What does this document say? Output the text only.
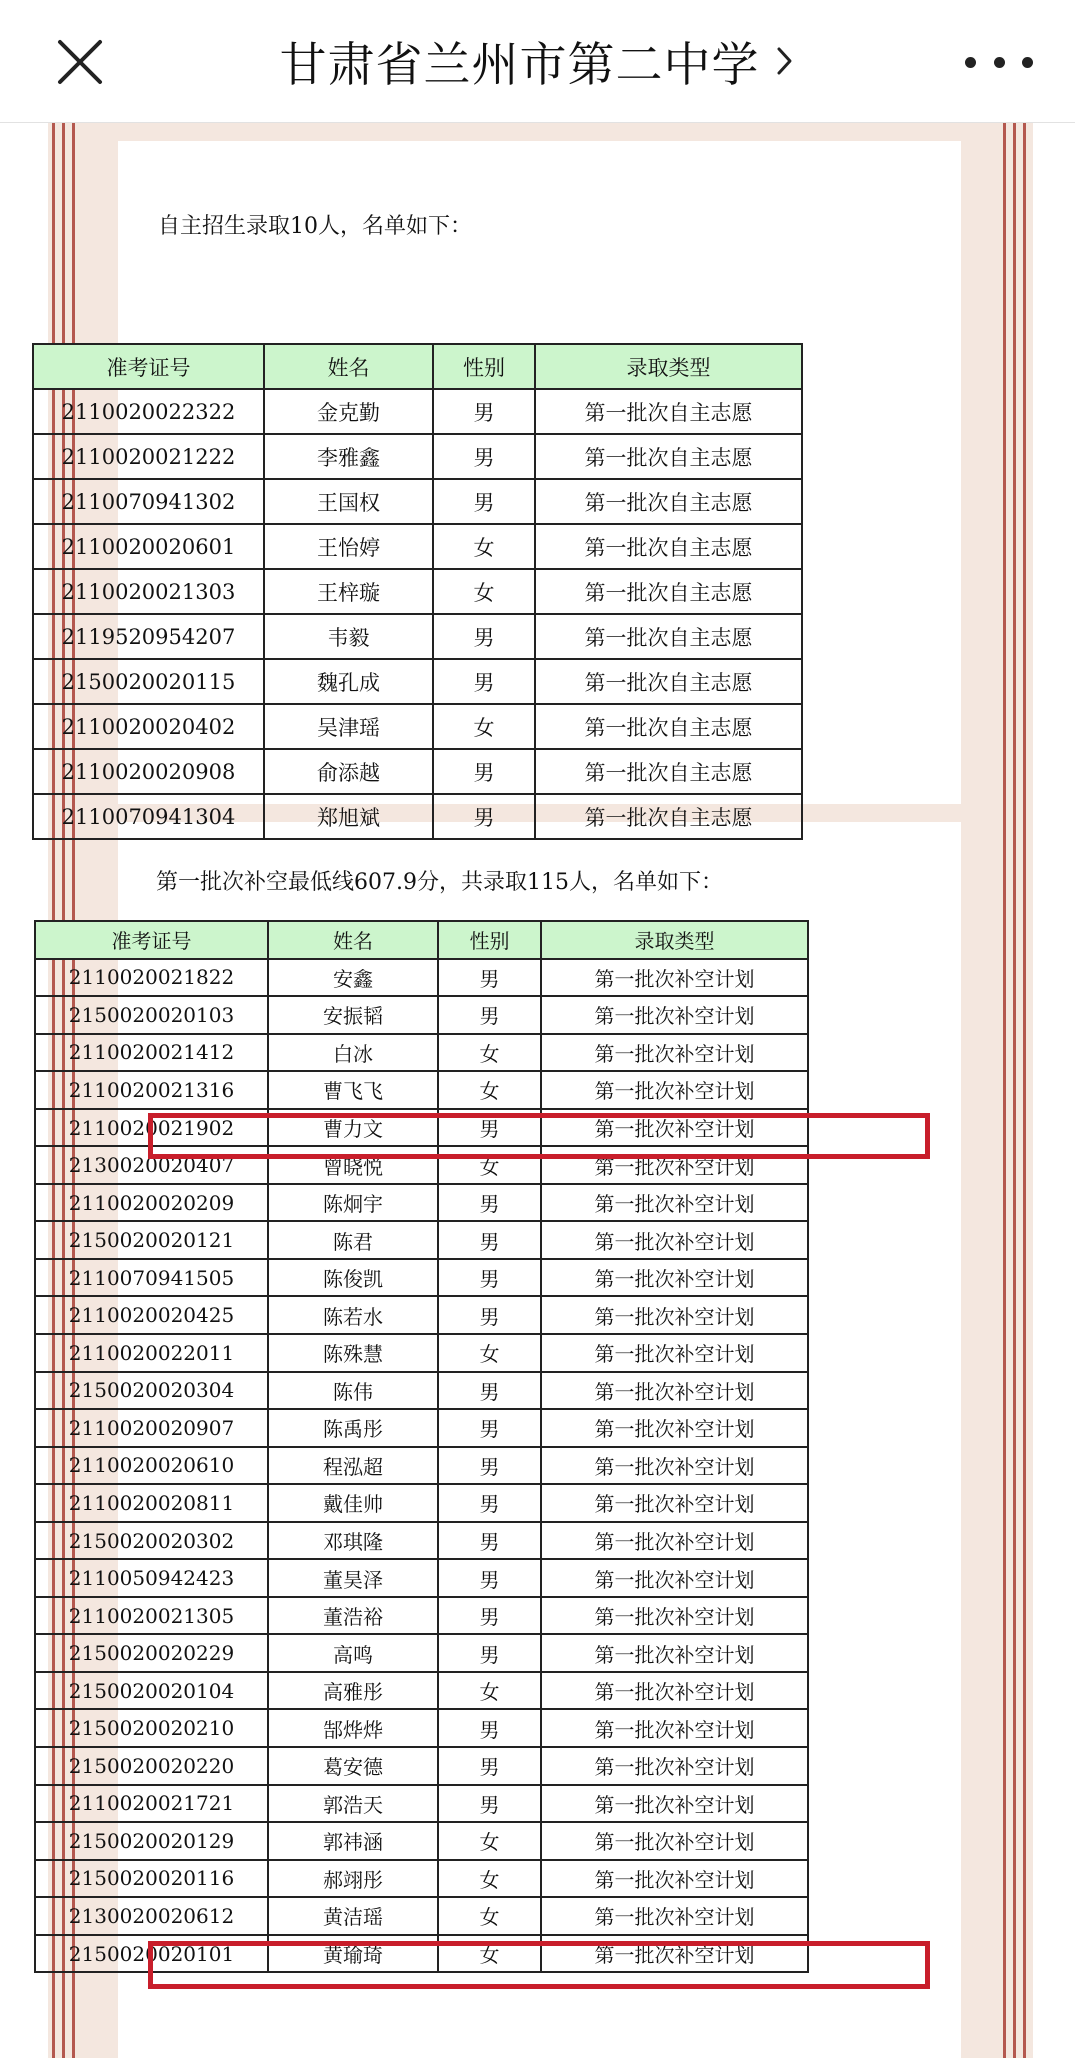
甘肃省兰州市第二中学
自主招生录取10人，名单如下：
第一批次补空最低线607.9分，共录取115人，名单如下：
准考证号	姓名	性别	录取类型
2110020022322	金克勤	男	第一批次自主志愿
2110020021222	李雅鑫	男	第一批次自主志愿
2110070941302	王国权	男	第一批次自主志愿
2110020020601	王怡婷	女	第一批次自主志愿
2110020021303	王梓璇	女	第一批次自主志愿
2119520954207	韦毅	男	第一批次自主志愿
2150020020115	魏孔成	男	第一批次自主志愿
2110020020402	吴津瑶	女	第一批次自主志愿
2110020020908	俞添越	男	第一批次自主志愿
2110070941304	郑旭斌	男	第一批次自主志愿
准考证号	姓名	性别	录取类型
2110020021822	安鑫	男	第一批次补空计划
2150020020103	安振韬	男	第一批次补空计划
2110020021412	白冰	女	第一批次补空计划
2110020021316	曹飞飞	女	第一批次补空计划
2110020021902	曹力文	男	第一批次补空计划
2130020020407	曾晓悦	女	第一批次补空计划
2110020020209	陈炯宇	男	第一批次补空计划
2150020020121	陈君	男	第一批次补空计划
2110070941505	陈俊凯	男	第一批次补空计划
2110020020425	陈若水	男	第一批次补空计划
2110020022011	陈殊慧	女	第一批次补空计划
2150020020304	陈伟	男	第一批次补空计划
2110020020907	陈禹彤	男	第一批次补空计划
2110020020610	程泓超	男	第一批次补空计划
2110020020811	戴佳帅	男	第一批次补空计划
2150020020302	邓琪隆	男	第一批次补空计划
2110050942423	董昊泽	男	第一批次补空计划
2110020021305	董浩裕	男	第一批次补空计划
2150020020229	高鸣	男	第一批次补空计划
2150020020104	高雅彤	女	第一批次补空计划
2150020020210	郜烨烨	男	第一批次补空计划
2150020020220	葛安德	男	第一批次补空计划
2110020021721	郭浩天	男	第一批次补空计划
2150020020129	郭祎涵	女	第一批次补空计划
2150020020116	郝翊彤	女	第一批次补空计划
2130020020612	黄洁瑶	女	第一批次补空计划
2150020020101	黄瑜琦	女	第一批次补空计划
